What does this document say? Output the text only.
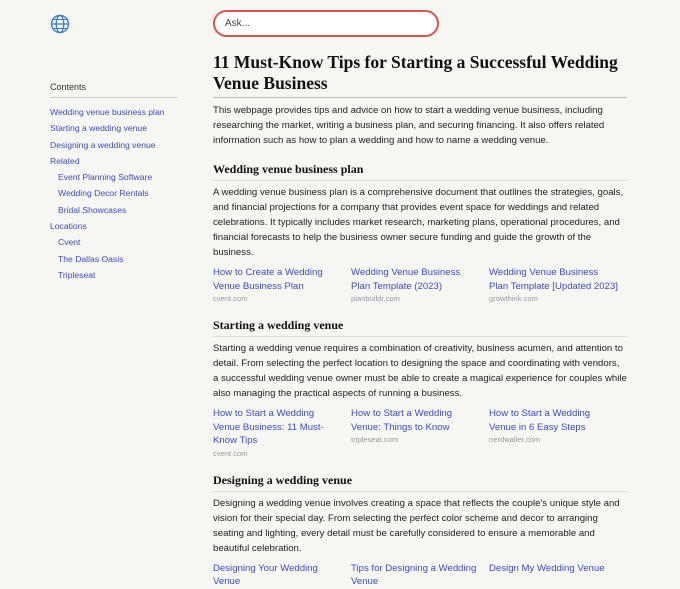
Contents
Wedding venue business plan
Starting a wedding venue
Designing a wedding venue
Related
Event Planning Software
Wedding Decor Rentals
Bridal Showcases
Locations
Cvent
The Dallas Oasis
Tripleseat
Ask...
11 Must-Know Tips for Starting a Successful Wedding Venue Business

This webpage provides tips and advice on how to start a wedding venue business, including researching the market, writing a business plan, and securing financing. It also offers related information such as how to plan a wedding and how to name a wedding venue.

Wedding venue business plan

A wedding venue business plan is a comprehensive document that outlines the strategies, goals, and financial projections for a company that provides event space for weddings and related celebrations. It typically includes market research, marketing plans, operational procedures, and financial forecasts to help the business owner secure funding and guide the growth of the business.

How to Create a Wedding Venue Business Plan
cvent.com
Wedding Venue Business Plan Template (2023)
planbuildr.com
Wedding Venue Business Plan Template [Updated 2023]
growthink.com
Starting a wedding venue

Starting a wedding venue requires a combination of creativity, business acumen, and attention to detail. From selecting the perfect location to designing the space and coordinating with vendors, a successful wedding venue owner must be able to create a magical experience for couples while also managing the practical aspects of running a business.

How to Start a Wedding Venue Business: 11 Must-Know Tips
cvent.com
How to Start a Wedding Venue: Things to Know
tripleseat.com
How to Start a Wedding Venue in 6 Easy Steps
nerdwallet.com
Designing a wedding venue

Designing a wedding venue involves creating a space that reflects the couple's unique style and vision for their special day. From selecting the perfect color scheme and decor to arranging seating and lighting, every detail must be carefully considered to ensure a memorable and beautiful celebration.

Designing Your Wedding Venue
Tips for Designing a Wedding Venue
Design My Wedding Venue
